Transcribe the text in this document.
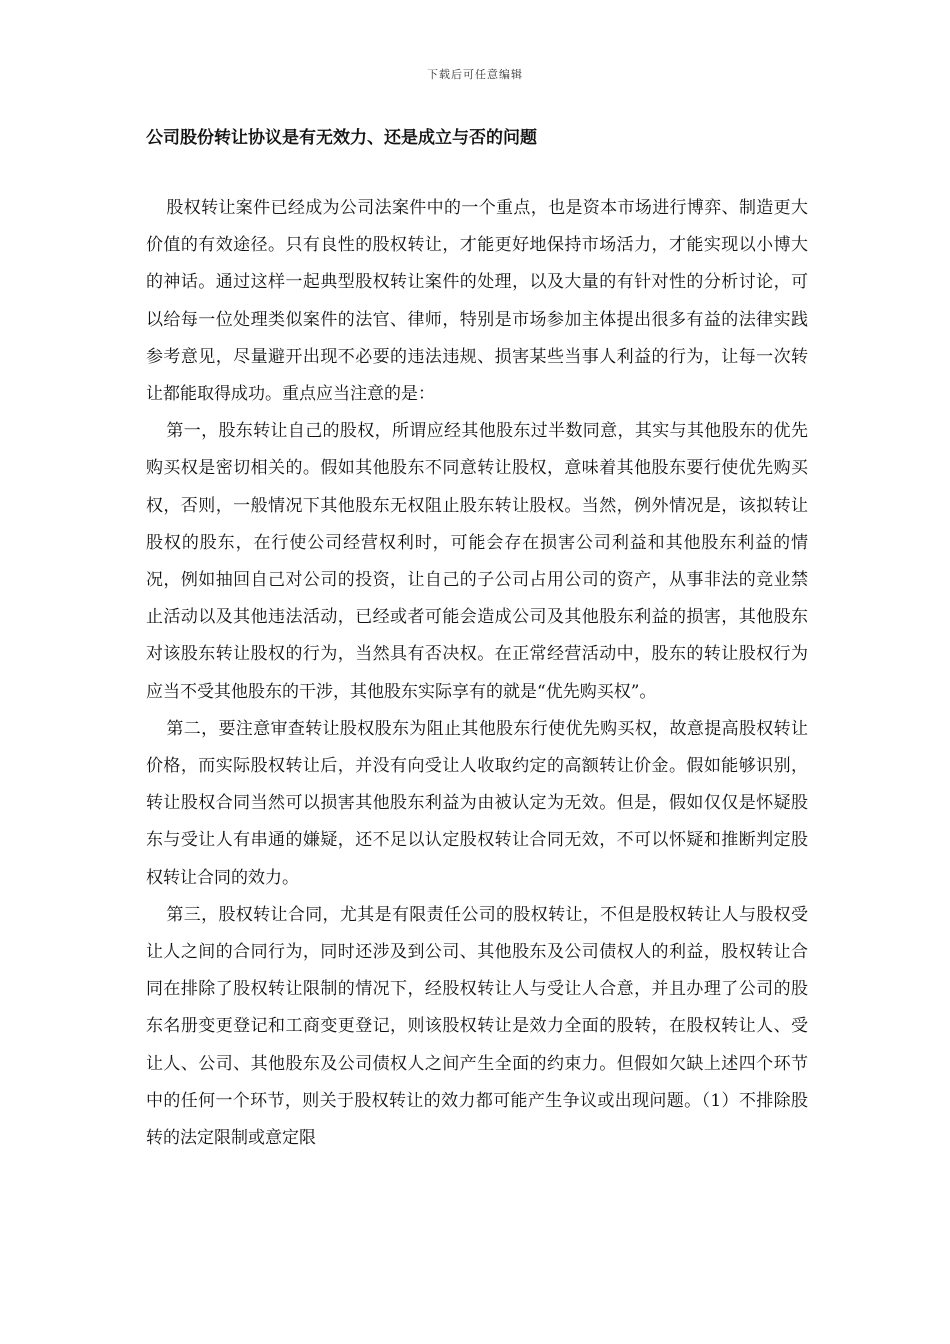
下载后可任意编辑
公司股份转让协议是有无效力、还是成立与否的问题

股权转让案件已经成为公司法案件中的一个重点，也是资本市场进行博弈、制造更大价值的有效途径。只有良性的股权转让，才能更好地保持市场活力，才能实现以小博大的神话。通过这样一起典型股权转让案件的处理，以及大量的有针对性的分析讨论，可以给每一位处理类似案件的法官、律师，特别是市场参加主体提出很多有益的法律实践参考意见，尽量避开出现不必要的违法违规、损害某些当事人利益的行为，让每一次转让都能取得成功。重点应当注意的是：

第一，股东转让自己的股权，所谓应经其他股东过半数同意，其实与其他股东的优先购买权是密切相关的。假如其他股东不同意转让股权，意味着其他股东要行使优先购买权，否则，一般情况下其他股东无权阻止股东转让股权。当然，例外情况是，该拟转让股权的股东，在行使公司经营权利时，可能会存在损害公司利益和其他股东利益的情况，例如抽回自己对公司的投资，让自己的子公司占用公司的资产，从事非法的竞业禁止活动以及其他违法活动，已经或者可能会造成公司及其他股东利益的损害，其他股东对该股东转让股权的行为，当然具有否决权。在正常经营活动中，股东的转让股权行为应当不受其他股东的干涉，其他股东实际享有的就是“优先购买权”。

第二，要注意审查转让股权股东为阻止其他股东行使优先购买权，故意提高股权转让价格，而实际股权转让后，并没有向受让人收取约定的高额转让价金。假如能够识别，转让股权合同当然可以损害其他股东利益为由被认定为无效。但是，假如仅仅是怀疑股东与受让人有串通的嫌疑，还不足以认定股权转让合同无效，不可以怀疑和推断判定股权转让合同的效力。

第三，股权转让合同，尤其是有限责任公司的股权转让，不但是股权转让人与股权受让人之间的合同行为，同时还涉及到公司、其他股东及公司债权人的利益，股权转让合同在排除了股权转让限制的情况下，经股权转让人与受让人合意，并且办理了公司的股东名册变更登记和工商变更登记，则该股权转让是效力全面的股转，在股权转让人、受让人、公司、其他股东及公司债权人之间产生全面的约束力。但假如欠缺上述四个环节中的任何一个环节，则关于股权转让的效力都可能产生争议或出现问题。（1）不排除股转的法定限制或意定限
